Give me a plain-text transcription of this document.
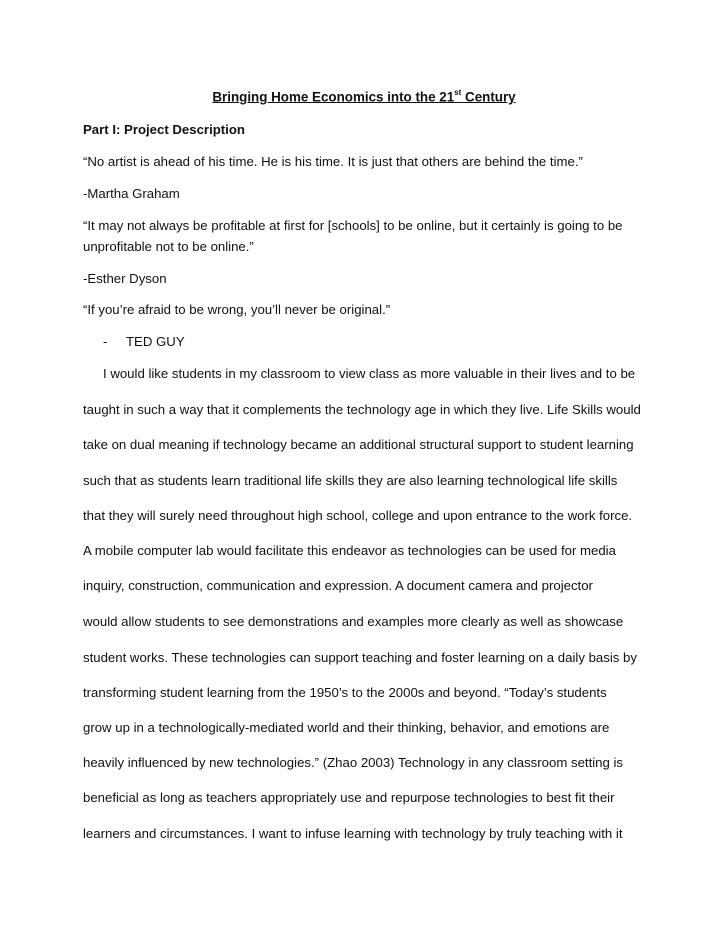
Bringing Home Economics into the 21st Century
Part I: Project Description
“No artist is ahead of his time. He is his time. It is just that others are behind the time.”
-Martha Graham
“It may not always be profitable at first for [schools] to be online, but it certainly is going to be
unprofitable not to be online.”
-Esther Dyson
“If you’re afraid to be wrong, you’ll never be original.”
- TED GUY
I would like students in my classroom to view class as more valuable in their lives and to be
taught in such a way that it complements the technology age in which they live. Life Skills would
take on dual meaning if technology became an additional structural support to student learning
such that as students learn traditional life skills they are also learning technological life skills
that they will surely need throughout high school, college and upon entrance to the work force.
A mobile computer lab would facilitate this endeavor as technologies can be used for media
inquiry, construction, communication and expression. A document camera and projector
would allow students to see demonstrations and examples more clearly as well as showcase
student works. These technologies can support teaching and foster learning on a daily basis by
transforming student learning from the 1950’s to the 2000s and beyond. “Today’s students
grow up in a technologically-mediated world and their thinking, behavior, and emotions are
heavily influenced by new technologies.” (Zhao 2003) Technology in any classroom setting is
beneficial as long as teachers appropriately use and repurpose technologies to best fit their
learners and circumstances. I want to infuse learning with technology by truly teaching with it
